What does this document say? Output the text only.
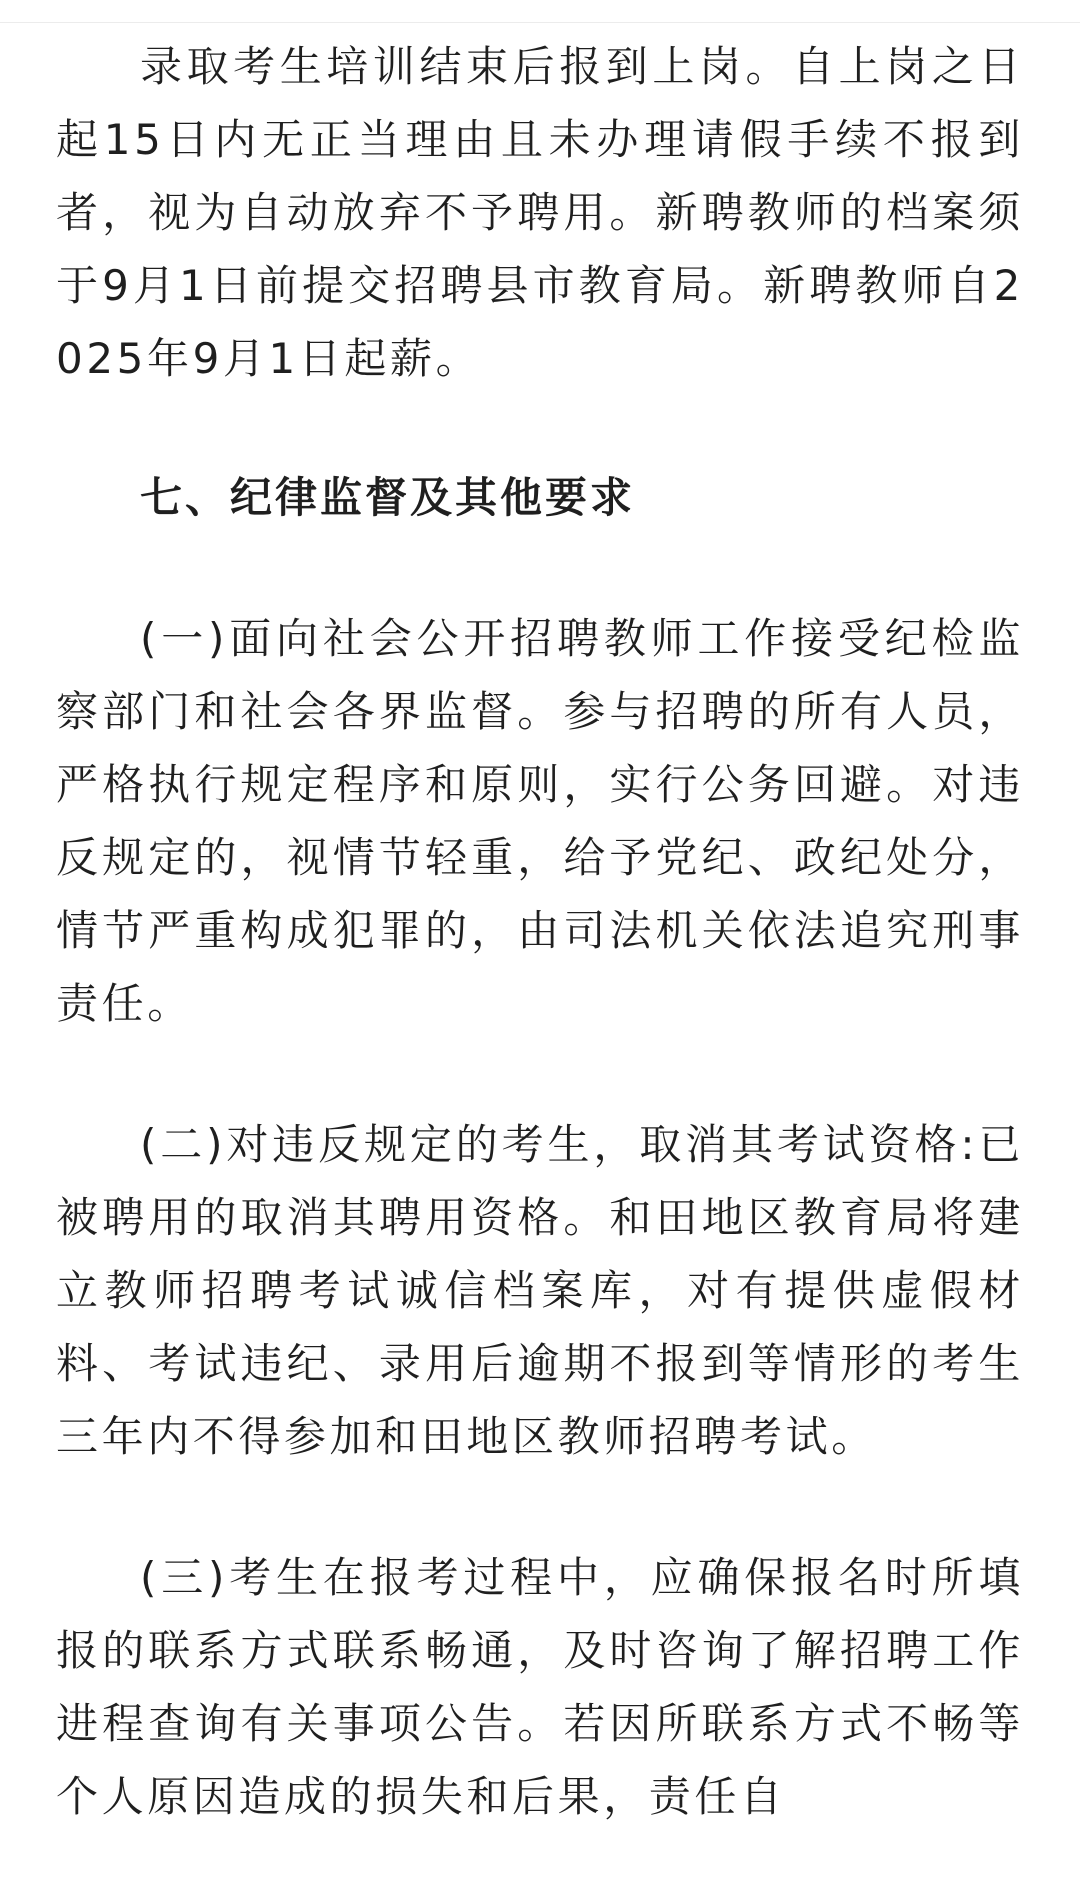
录取考生培训结束后报到上岗。自上岗之日起15日内无正当理由且未办理请假手续不报到者，视为自动放弃不予聘用。新聘教师的档案须于9月1日前提交招聘县市教育局。新聘教师自2025年9月1日起薪。

七、纪律监督及其他要求

(一)面向社会公开招聘教师工作接受纪检监察部门和社会各界监督。参与招聘的所有人员，严格执行规定程序和原则，实行公务回避。对违反规定的，视情节轻重，给予党纪、政纪处分，情节严重构成犯罪的，由司法机关依法追究刑事责任。

(二)对违反规定的考生，取消其考试资格:已被聘用的取消其聘用资格。和田地区教育局将建立教师招聘考试诚信档案库，对有提供虚假材料、考试违纪、录用后逾期不报到等情形的考生三年内不得参加和田地区教师招聘考试。

(三)考生在报考过程中，应确保报名时所填报的联系方式联系畅通，及时咨询了解招聘工作进程查询有关事项公告。若因所联系方式不畅等个人原因造成的损失和后果，责任自
